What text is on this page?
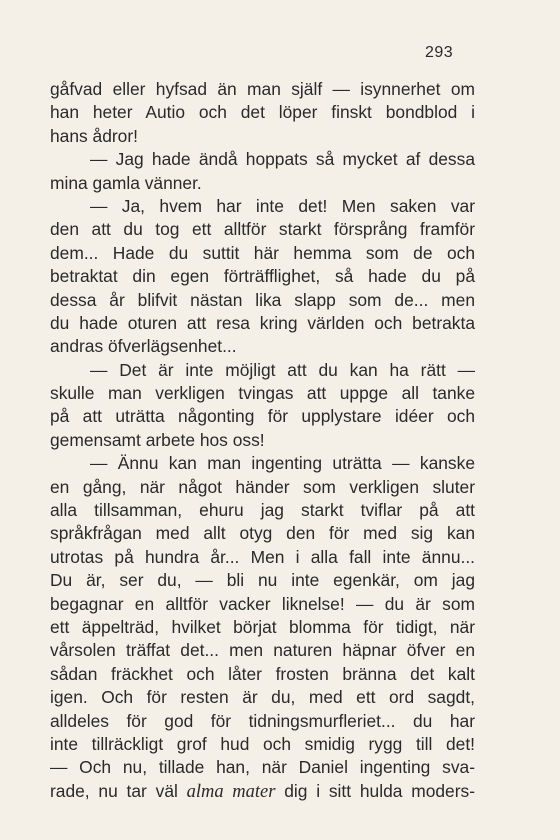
293
gåfvad eller hyfsad än man själf — isynnerhet om
han heter Autio och det löper finskt bondblod i
hans ådror!
— Jag hade ändå hoppats så mycket af dessa
mina gamla vänner.
— Ja, hvem har inte det! Men saken var
den att du tog ett alltför starkt försprång framför
dem... Hade du suttit här hemma som de och
betraktat din egen förträfflighet, så hade du på
dessa år blifvit nästan lika slapp som de... men
du hade oturen att resa kring världen och betrakta
andras öfverlägsenhet...
— Det är inte möjligt att du kan ha rätt —
skulle man verkligen tvingas att uppge all tanke
på att uträtta någonting för upplystare idéer och
gemensamt arbete hos oss!
— Ännu kan man ingenting uträtta — kanske
en gång, när något händer som verkligen sluter
alla tillsamman, ehuru jag starkt tviflar på att
språkfrågan med allt otyg den för med sig kan
utrotas på hundra år... Men i alla fall inte ännu...
Du är, ser du, — bli nu inte egenkär, om jag
begagnar en alltför vacker liknelse! — du är som
ett äppelträd, hvilket börjat blomma för tidigt, när
vårsolen träffat det... men naturen häpnar öfver en
sådan fräckhet och låter frosten bränna det kalt
igen. Och för resten är du, med ett ord sagdt,
alldeles för god för tidningsmurfleriet... du har
inte tillräckligt grof hud och smidig rygg till det!
— Och nu, tillade han, när Daniel ingenting sva-
rade, nu tar väl alma mater dig i sitt hulda moders-
